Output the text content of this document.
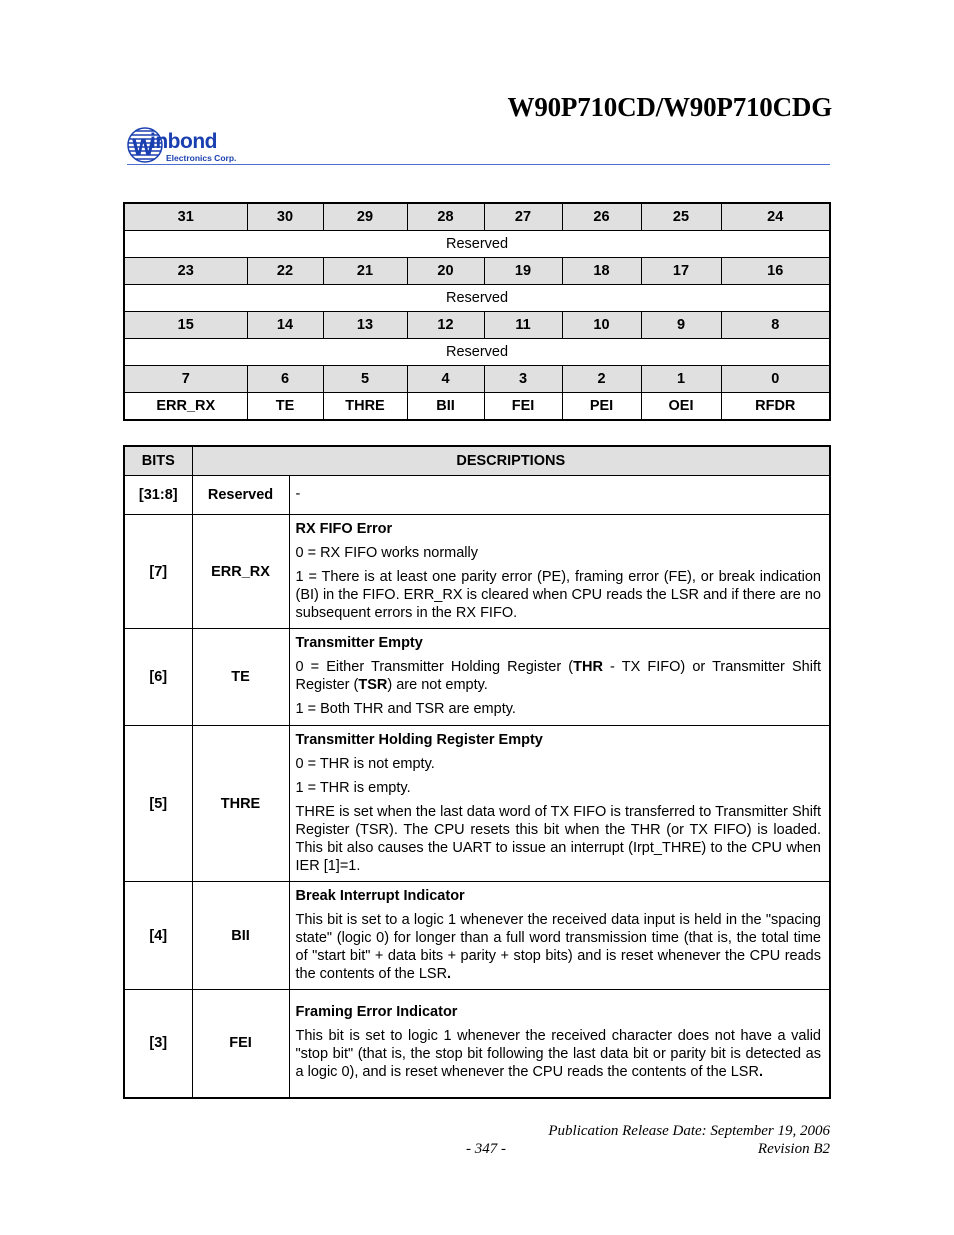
W90P710CD/W90P710CDG
W
inbond
Electronics Corp.
31	30	29	28	27	26	25	24
Reserved							
23	22	21	20	19	18	17	16
Reserved							
15	14	13	12	11	10	9	8
Reserved							
7	6	5	4	3	2	1	0
ERR_RX	TE	THRE	BII	FEI	PEI	OEI	RFDR
BITS	DESCRIPTIONS	
[31:8]	Reserved	-
[7]	ERR_RX	RX FIFO Error

0 = RX FIFO works normally

1 = There is at least one parity error (PE), framing error (FE), or break indication (BI) in the FIFO. ERR_RX is cleared when CPU reads the LSR and if there are no subsequent errors in the RX FIFO.

[6]	TE	Transmitter Empty

0 = Either Transmitter Holding Register (THR - TX FIFO) or Transmitter Shift Register (TSR) are not empty.

1 = Both THR and TSR are empty.

[5]	THRE	Transmitter Holding Register Empty

0 = THR is not empty.

1 = THR is empty.

THRE is set when the last data word of TX FIFO is transferred to Transmitter Shift Register (TSR). The CPU resets this bit when the THR (or TX FIFO) is loaded. This bit also causes the UART to issue an interrupt (Irpt_THRE) to the CPU when IER [1]=1.

[4]	BII	Break Interrupt Indicator

This bit is set to a logic 1 whenever the received data input is held in the "spacing state" (logic 0) for longer than a full word transmission time (that is, the total time of "start bit" + data bits + parity + stop bits) and is reset whenever the CPU reads the contents of the LSR.

[3]	FEI	Framing Error Indicator

This bit is set to logic 1 whenever the received character does not have a valid "stop bit" (that is, the stop bit following the last data bit or parity bit is detected as a logic 0), and is reset whenever the CPU reads the contents of the LSR.

Publication Release Date: September 19, 2006
- 347 -	Revision B2
